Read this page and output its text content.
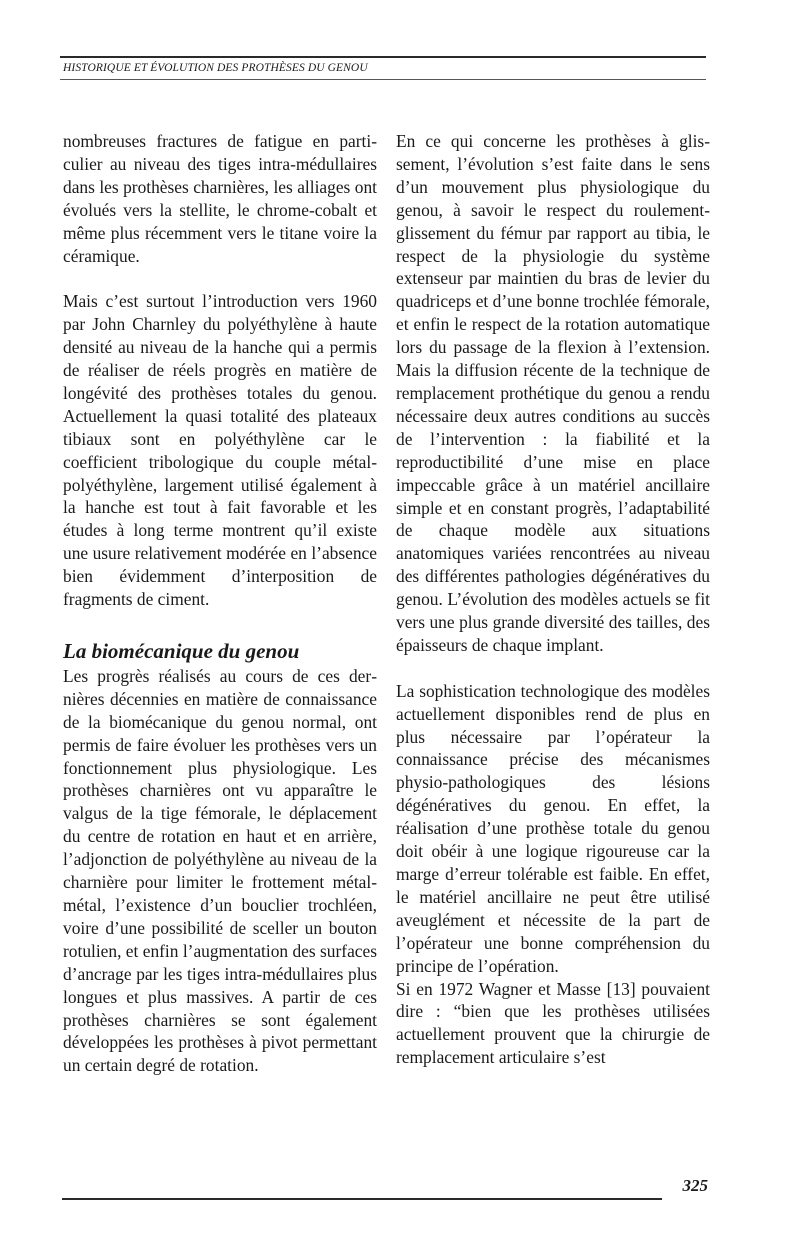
HISTORIQUE ET ÉVOLUTION DES PROTHÈSES DU GENOU

nombreuses fractures de fatigue en particulier au niveau des tiges intra-médullaires dans les prothèses charnières, les alliages ont évolués vers la stellite, le chrome-cobalt et même plus récemment vers le titane voire la céramique.

Mais c’est surtout l’introduction vers 1960 par John Charnley du polyéthylène à haute densité au niveau de la hanche qui a permis de réaliser de réels progrès en matière de longévité des prothèses totales du genou. Actuellement la quasi totalité des plateaux tibiaux sont en polyéthylène car le coefficient tribologique du couple métal-polyéthylène, largement utilisé également à la hanche est tout à fait favorable et les études à long terme montrent qu’il existe une usure relativement modérée en l’absence bien évidemment d’interposition de fragments de ciment.

La biomécanique du genou

Les progrès réalisés au cours de ces dernières décennies en matière de connaissance de la biomécanique du genou normal, ont permis de faire évoluer les prothèses vers un fonctionnement plus physiologique. Les prothèses charnières ont vu apparaître le valgus de la tige fémorale, le déplacement du centre de rotation en haut et en arrière, l’adjonction de polyéthylène au niveau de la charnière pour limiter le frottement métal-métal, l’existence d’un bouclier trochléen, voire d’une possibilité de sceller un bouton rotulien, et enfin l’augmentation des surfaces d’ancrage par les tiges intra-médullaires plus longues et plus massives. A partir de ces prothèses charnières se sont également développées les prothèses à pivot permettant un certain degré de rotation.

En ce qui concerne les prothèses à glissement, l’évolution s’est faite dans le sens d’un mouvement plus physiologique du genou, à savoir le respect du roulement-glissement du fémur par rapport au tibia, le respect de la physiologie du système extenseur par maintien du bras de levier du quadriceps et d’une bonne trochlée fémorale, et enfin le respect de la rotation automatique lors du passage de la flexion à l’extension. Mais la diffusion récente de la technique de remplacement prothétique du genou a rendu nécessaire deux autres conditions au succès de l’intervention : la fiabilité et la reproductibilité d’une mise en place impeccable grâce à un matériel ancillaire simple et en constant progrès, l’adaptabilité de chaque modèle aux situations anatomiques variées rencontrées au niveau des différentes pathologies dégénératives du genou. L’évolution des modèles actuels se fit vers une plus grande diversité des tailles, des épaisseurs de chaque implant.

La sophistication technologique des modèles actuellement disponibles rend de plus en plus nécessaire par l’opérateur la connaissance précise des mécanismes physio-pathologiques des lésions dégénératives du genou. En effet, la réalisation d’une prothèse totale du genou doit obéir à une logique rigoureuse car la marge d’erreur tolérable est faible. En effet, le matériel ancillaire ne peut être utilisé aveuglément et nécessite de la part de l’opérateur une bonne compréhension du principe de l’opération.

Si en 1972 Wagner et Masse [13] pouvaient dire : “bien que les prothèses utilisées actuellement prouvent que la chirurgie de remplacement articulaire s’est

325
